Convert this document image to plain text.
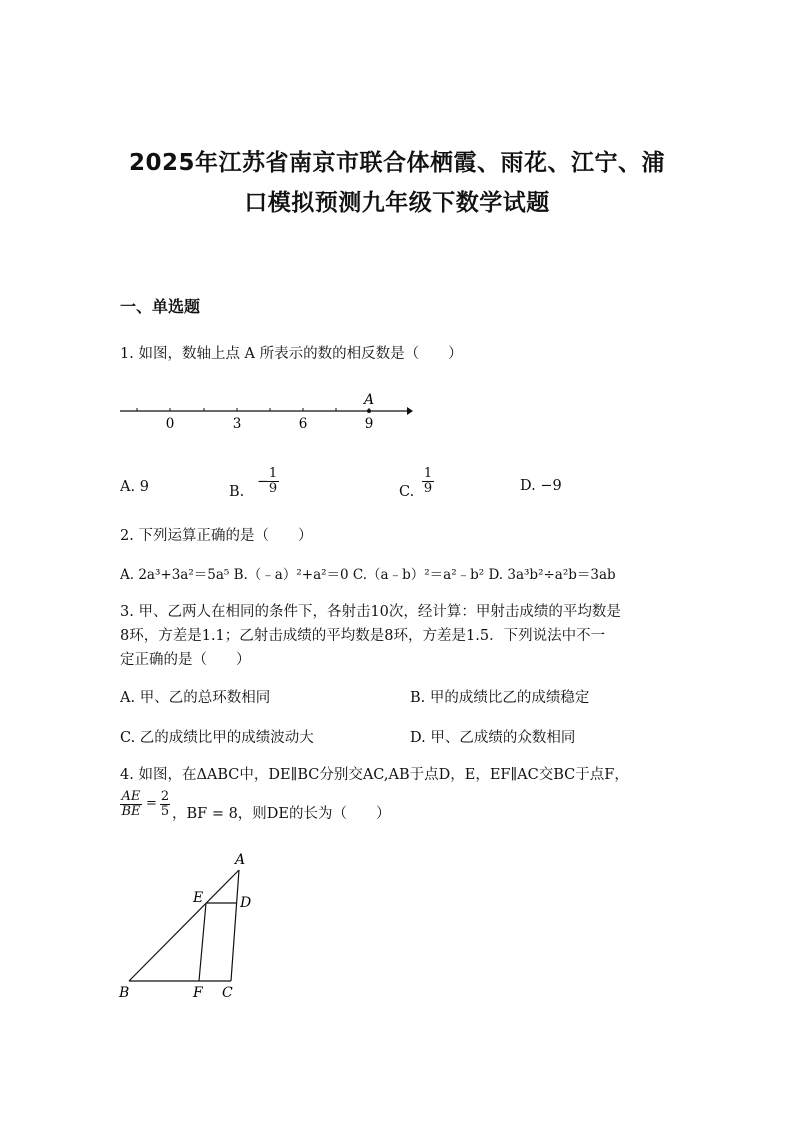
2025年江苏省南京市联合体栖霞、雨花、江宁、浦
口模拟预测九年级下数学试题
一、单选题
1. 如图，数轴上点 A 所表示的数的相反数是（　　）
A
0	3	6	9
A. 9	B.
−
$\frac{1}{9}$	C. $\frac{1}{9}$	D. −9
2. 下列运算正确的是（　　）
A. 2a³+3a²＝5a⁵ B.（﹣a）²+a²＝0 C.（a﹣b）²＝a²﹣b² D. 3a³b²÷a²b＝3ab
3. 甲、乙两人在相同的条件下，各射击10次，经计算：甲射击成绩的平均数是
8环，方差是1.1；乙射击成绩的平均数是8环，方差是1.5．下列说法中不一
定正确的是（　　）
A. 甲、乙的总环数相同	B. 甲的成绩比乙的成绩稳定
C. 乙的成绩比甲的成绩波动大	D. 甲、乙成绩的众数相同
4. 如图，在ΔABC中，DE∥BC分别交AC,AB于点D，E，EF∥AC交BC于点F，
$\frac{AE}{BE} = \frac{2}{5}$ ，BF = 8，则DE的长为（　　）
A
E	D
B	F C
